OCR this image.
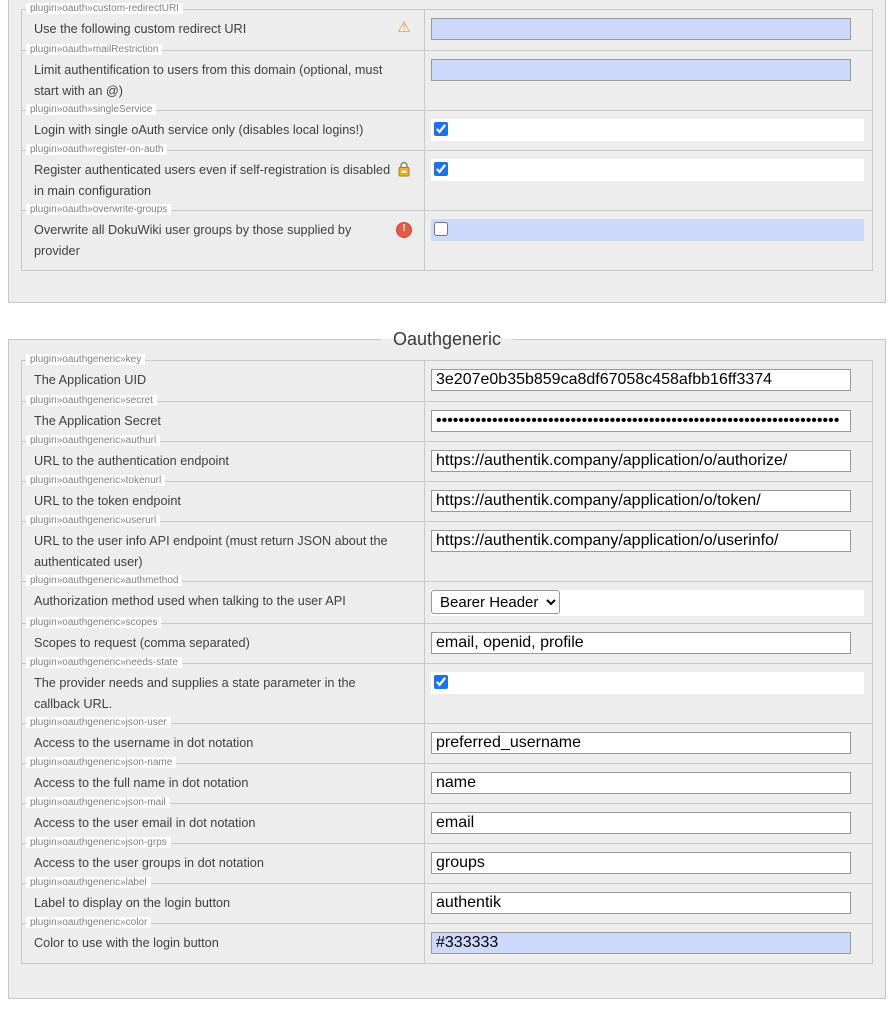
plugin»oauth»custom-redirectURI
Use the following custom redirect URI
⚠
plugin»oauth»mailRestriction
Limit authentification to users from this domain (optional, must start with an @)
plugin»oauth»singleService
Login with single oAuth service only (disables local logins!)
plugin»oauth»register-on-auth
Register authenticated users even if self-registration is disabled in main configuration
plugin»oauth»overwrite-groups
Overwrite all DokuWiki user groups by those supplied by provider
!
Oauthgeneric
plugin»oauthgeneric»key
The Application UID
3e207e0b35b859ca8df67058c458afbb16ff3374
plugin»oauthgeneric»secret
The Application Secret
••••••••••••••••••••••••••••••••••••••••••••••••••••••••••••••••••••••••
plugin»oauthgeneric»authurl
URL to the authentication endpoint
https://authentik.company/application/o/authorize/
plugin»oauthgeneric»tokenurl
URL to the token endpoint
https://authentik.company/application/o/token/
plugin»oauthgeneric»userurl
URL to the user info API endpoint (must return JSON about the authenticated user)
https://authentik.company/application/o/userinfo/
plugin»oauthgeneric»authmethod
Authorization method used when talking to the user API
Bearer Header
plugin»oauthgeneric»scopes
Scopes to request (comma separated)
email, openid, profile
plugin»oauthgeneric»needs-state
The provider needs and supplies a state parameter in the callback URL.
plugin»oauthgeneric»json-user
Access to the username in dot notation
preferred_username
plugin»oauthgeneric»json-name
Access to the full name in dot notation
name
plugin»oauthgeneric»json-mail
Access to the user email in dot notation
email
plugin»oauthgeneric»json-grps
Access to the user groups in dot notation
groups
plugin»oauthgeneric»label
Label to display on the login button
authentik
plugin»oauthgeneric»color
Color to use with the login button
#333333
